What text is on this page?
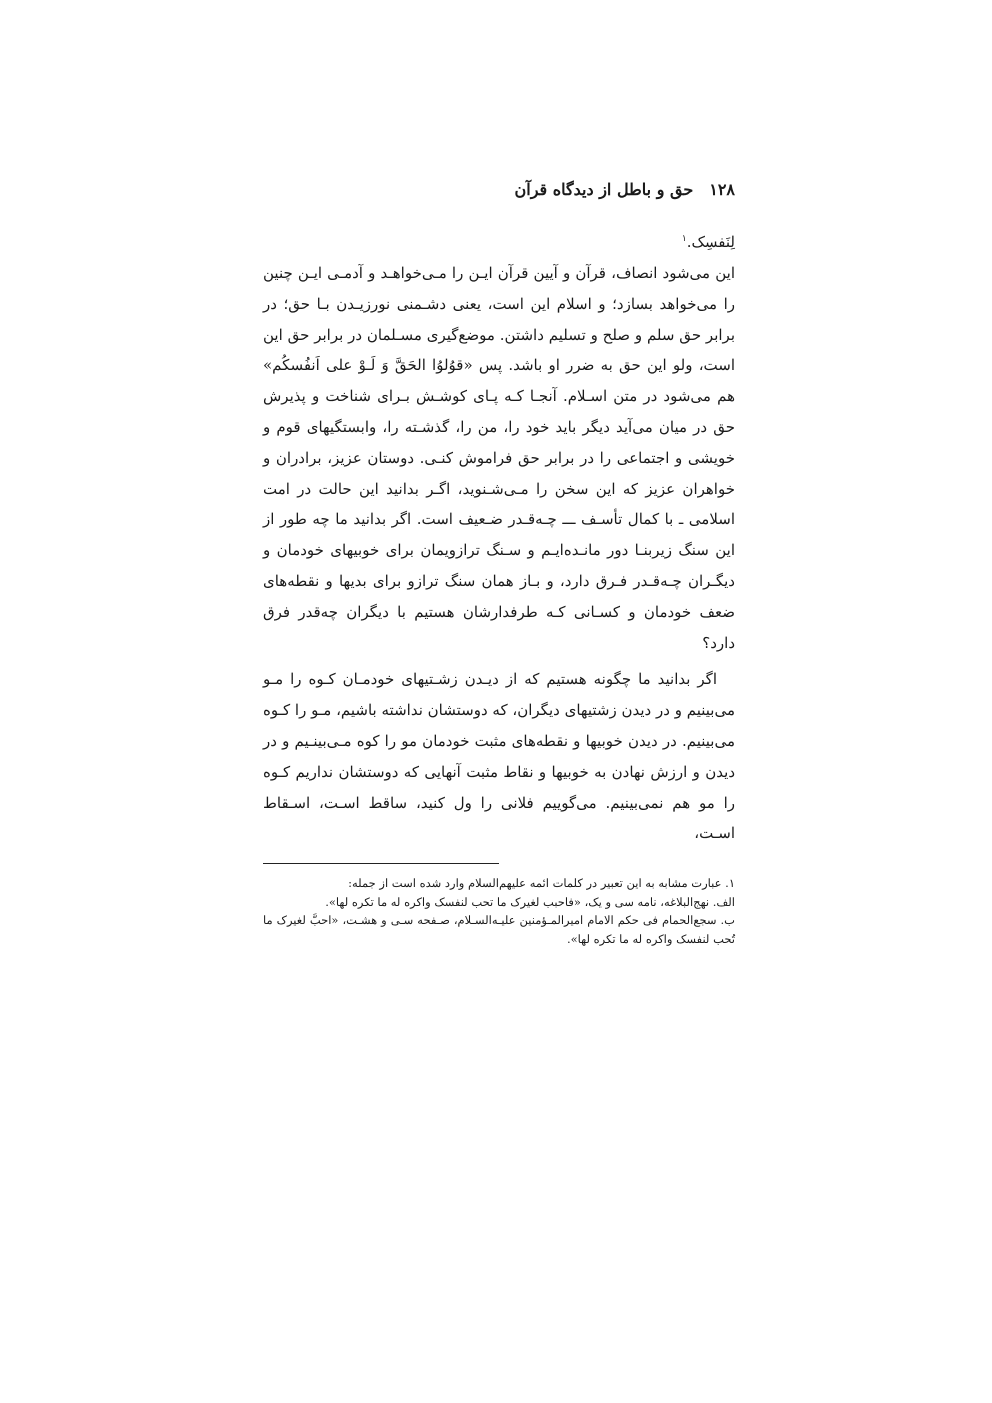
۱۲۸
حق و باطل از دیدگاه قرآن
لِنَفسِک.$^۱$

این می‌شود انصاف، قرآن و آیین قرآن ایـن را مـی‌خواهـد و آدمـی ایـن چنین را می‌خواهد بسازد؛ و اسلام این است، یعنی دشـمنی نورزیـدن بـا حق؛ در برابر حق سلم و صلح و تسلیم داشتن. موضع‌گیری مسـلمان در برابر حق این است، ولو این حق به ضرر او باشد. پس «قوُلوُا الحَقَّ وَ لَـوْ علی اَنفُسکُم» هم می‌شود در متن اسـلام. آنجـا کـه پـای کوشـش بـرای شناخت و پذیرش حق در میان می‌آید دیگر باید خود را، من را، گذشـته را، وابستگیهای قوم و خویشی و اجتماعی را در برابر حق فراموش کنـی. دوستان عزیز، برادران و خواهران عزیز که این سخن را مـی‌شـنوید، اگـر بدانید این حالت در امت اسلامی ـ با کمال تأسـف ـــ چـه‌قـدر ضـعیف است. اگر بدانید ما چه طور از این سنگ زیربنـا دور مانـده‌ایـم و سـنگ ترازویمان برای خوبیهای خودمان و دیگـران چـه‌قـدر فـرق دارد، و بـاز همان سنگ ترازو برای بدیها و نقطه‌های ضعف خودمان و کسـانی کـه طرفدارشان هستیم با دیگران چه‌قدر فرق دارد؟

اگر بدانید ما چگونه هستیم که از دیـدن زشـتیهای خودمـان کـوه را مـو می‌بینیم و در دیدن زشتیهای دیگران، که دوستشان نداشته باشیم، مـو را کـوه می‌بینیم. در دیدن خوبیها و نقطه‌های مثبت خودمان مو را کوه مـی‌بینـیم و در دیدن و ارزش نهادن به خوبیها و نقاط مثبت آنهایی که دوستشان نداریم کـوه را مو هم نمی‌بینیم. می‌گوییم فلانی را ول کنید، ساقط اسـت، اسـقاط اسـت،

۱. عبارت مشابه به این تعبیر در کلمات ائمه علیهم‌السلام وارد شده است از جمله:
الف. نهج‌البلاغه، نامه سی و یک، «فاحبب لغیرک ما تحب لنفسک واکره له ما تکره لها».
ب. سجع‌الحمام فی حکم الامام امیرالمـؤمنین علیـه‌السـلام، صـفحه سـی و هشـت، «احبَّ لغیرک ما تُحب لنفسک واکره له ما تکره لها».
